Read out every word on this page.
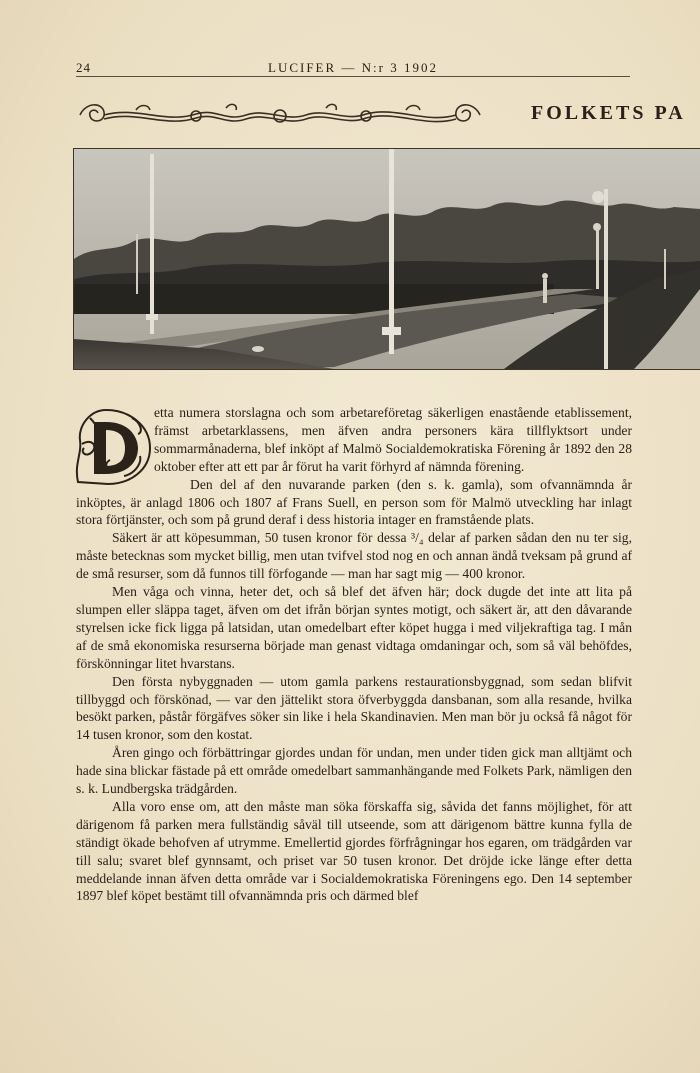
24	LUCIFER — N:r 3 1902
FOLKETS PA

etta numera storslagna och som arbetareföretag säkerligen enastående etablissement, främst arbetarklassens, men äfven andra personers kära tillflyktsort under sommarmånaderna, blef inköpt af Malmö Socialdemokratiska Förening år 1892 den 28 oktober efter att ett par år förut ha varit förhyrd af nämnda förening.

Den del af den nuvarande parken (den s. k. gamla), som ofvannämnda år inköptes, är anlagd 1806 och 1807 af Frans Suell, en person som för Malmö utveckling har inlagt stora förtjänster, och som på grund deraf i dess historia intager en framstående plats.

Säkert är att köpesumman, 50 tusen kronor för dessa ³/₄ delar af parken sådan den nu ter sig, måste betecknas som mycket billig, men utan tvifvel stod nog en och annan ändå tveksam på grund af de små resurser, som då funnos till förfogande — man har sagt mig — 400 kronor.

Men våga och vinna, heter det, och så blef det äfven här; dock dugde det inte att lita på slumpen eller släppa taget, äfven om det ifrån början syntes motigt, och säkert är, att den dåvarande styrelsen icke fick ligga på latsidan, utan omedelbart efter köpet hugga i med viljekraftiga tag. I mån af de små ekonomiska resurserna började man genast vidtaga omdaningar och, som så väl behöfdes, förskönningar litet hvarstans.

Den första nybyggnaden — utom gamla parkens restaurationsbyggnad, som sedan blifvit tillbyggd och förskönad, — var den jättelikt stora öfverbyggda dansbanan, som alla resande, hvilka besökt parken, påstår förgäfves söker sin like i hela Skandinavien. Men man bör ju också få något för 14 tusen kronor, som den kostat.

Åren gingo och förbättringar gjordes undan för undan, men under tiden gick man alltjämt och hade sina blickar fästade på ett område omedelbart sammanhängande med Folkets Park, nämligen den s. k. Lundbergska trädgården.

Alla voro ense om, att den måste man söka förskaffa sig, såvida det fanns möjlighet, för att därigenom få parken mera fullständig såväl till utseende, som att därigenom bättre kunna fylla de ständigt ökade behofven af utrymme. Emellertid gjordes förfrågningar hos egaren, om trädgården var till salu; svaret blef gynnsamt, och priset var 50 tusen kronor. Det dröjde icke länge efter detta meddelande innan äfven detta område var i Socialdemokratiska Föreningens ego. Den 14 september 1897 blef köpet bestämt till ofvannämnda pris och därmed blef
